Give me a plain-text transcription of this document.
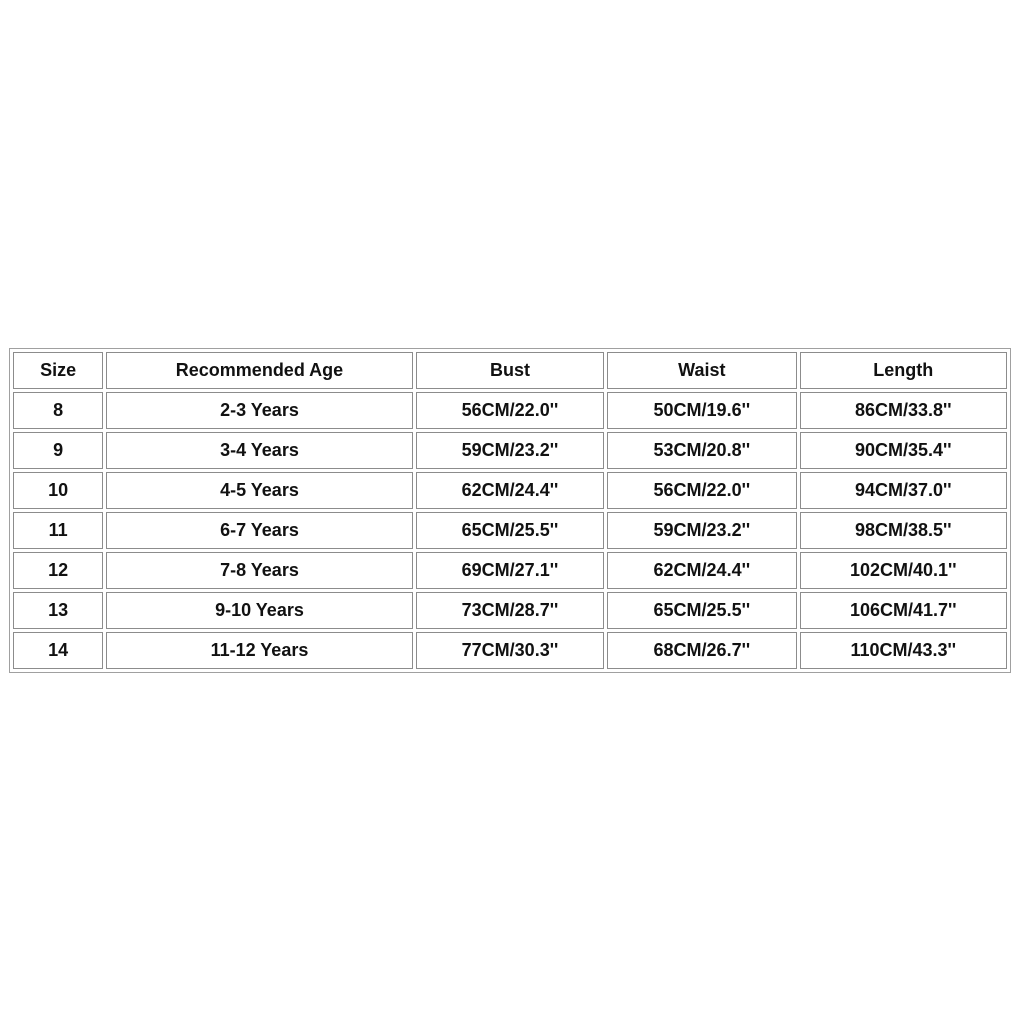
Size	Recommended Age	Bust	Waist	Length
8	2-3 Years	56CM/22.0''	50CM/19.6''	86CM/33.8''
9	3-4 Years	59CM/23.2''	53CM/20.8''	90CM/35.4''
10	4-5 Years	62CM/24.4''	56CM/22.0''	94CM/37.0''
11	6-7 Years	65CM/25.5''	59CM/23.2''	98CM/38.5''
12	7-8 Years	69CM/27.1''	62CM/24.4''	102CM/40.1''
13	9-10 Years	73CM/28.7''	65CM/25.5''	106CM/41.7''
14	11-12 Years	77CM/30.3''	68CM/26.7''	110CM/43.3''
